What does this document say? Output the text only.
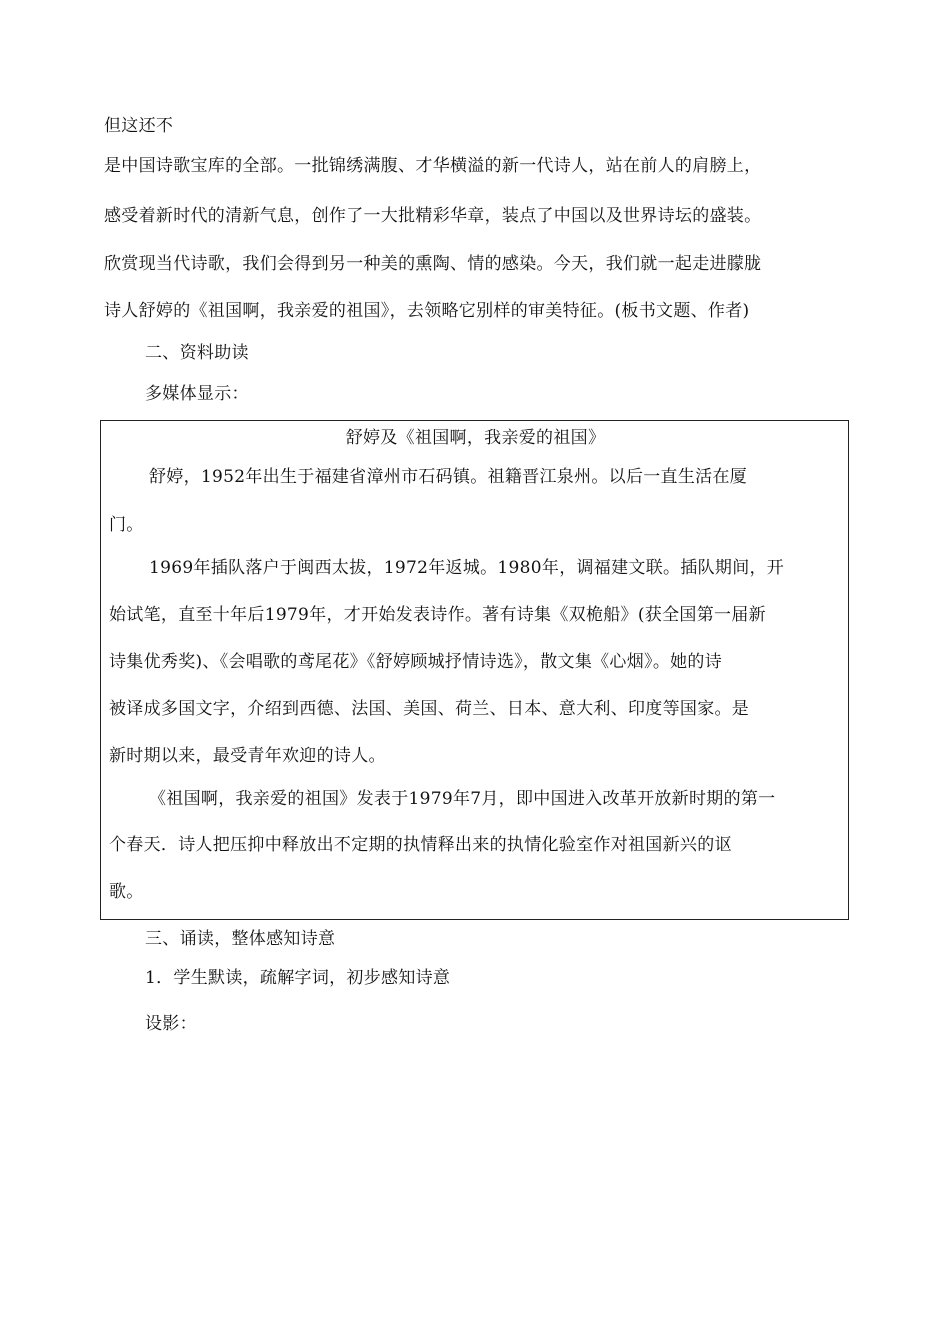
但这还不
是中国诗歌宝库的全部。一批锦绣满腹、才华横溢的新一代诗人，站在前人的肩膀上，
感受着新时代的清新气息，创作了一大批精彩华章，装点了中国以及世界诗坛的盛装。
欣赏现当代诗歌，我们会得到另一种美的熏陶、情的感染。今天，我们就一起走进朦胧
诗人舒婷的《祖国啊，我亲爱的祖国》，去领略它别样的审美特征。(板书文题、作者)
二、资料助读
多媒体显示：
舒婷及《祖国啊，我亲爱的祖国》
舒婷，1952年出生于福建省漳州市石码镇。祖籍晋江泉州。以后一直生活在厦
门。
1969年插队落户于闽西太拔，1972年返城。1980年，调福建文联。插队期间，开
始试笔，直至十年后1979年，才开始发表诗作。著有诗集《双桅船》(获全国第一届新
诗集优秀奖)、《会唱歌的鸢尾花》《舒婷顾城抒情诗选》，散文集《心烟》。她的诗
被译成多国文字，介绍到西德、法国、美国、荷兰、日本、意大利、印度等国家。是
新时期以来，最受青年欢迎的诗人。
《祖国啊，我亲爱的祖国》发表于1979年7月，即中国进入改革开放新时期的第一
个春天．诗人把压抑中释放出不定期的执情释出来的执情化验室作对祖国新兴的讴
歌。
三、诵读，整体感知诗意
1．学生默读，疏解字词，初步感知诗意
设影：
